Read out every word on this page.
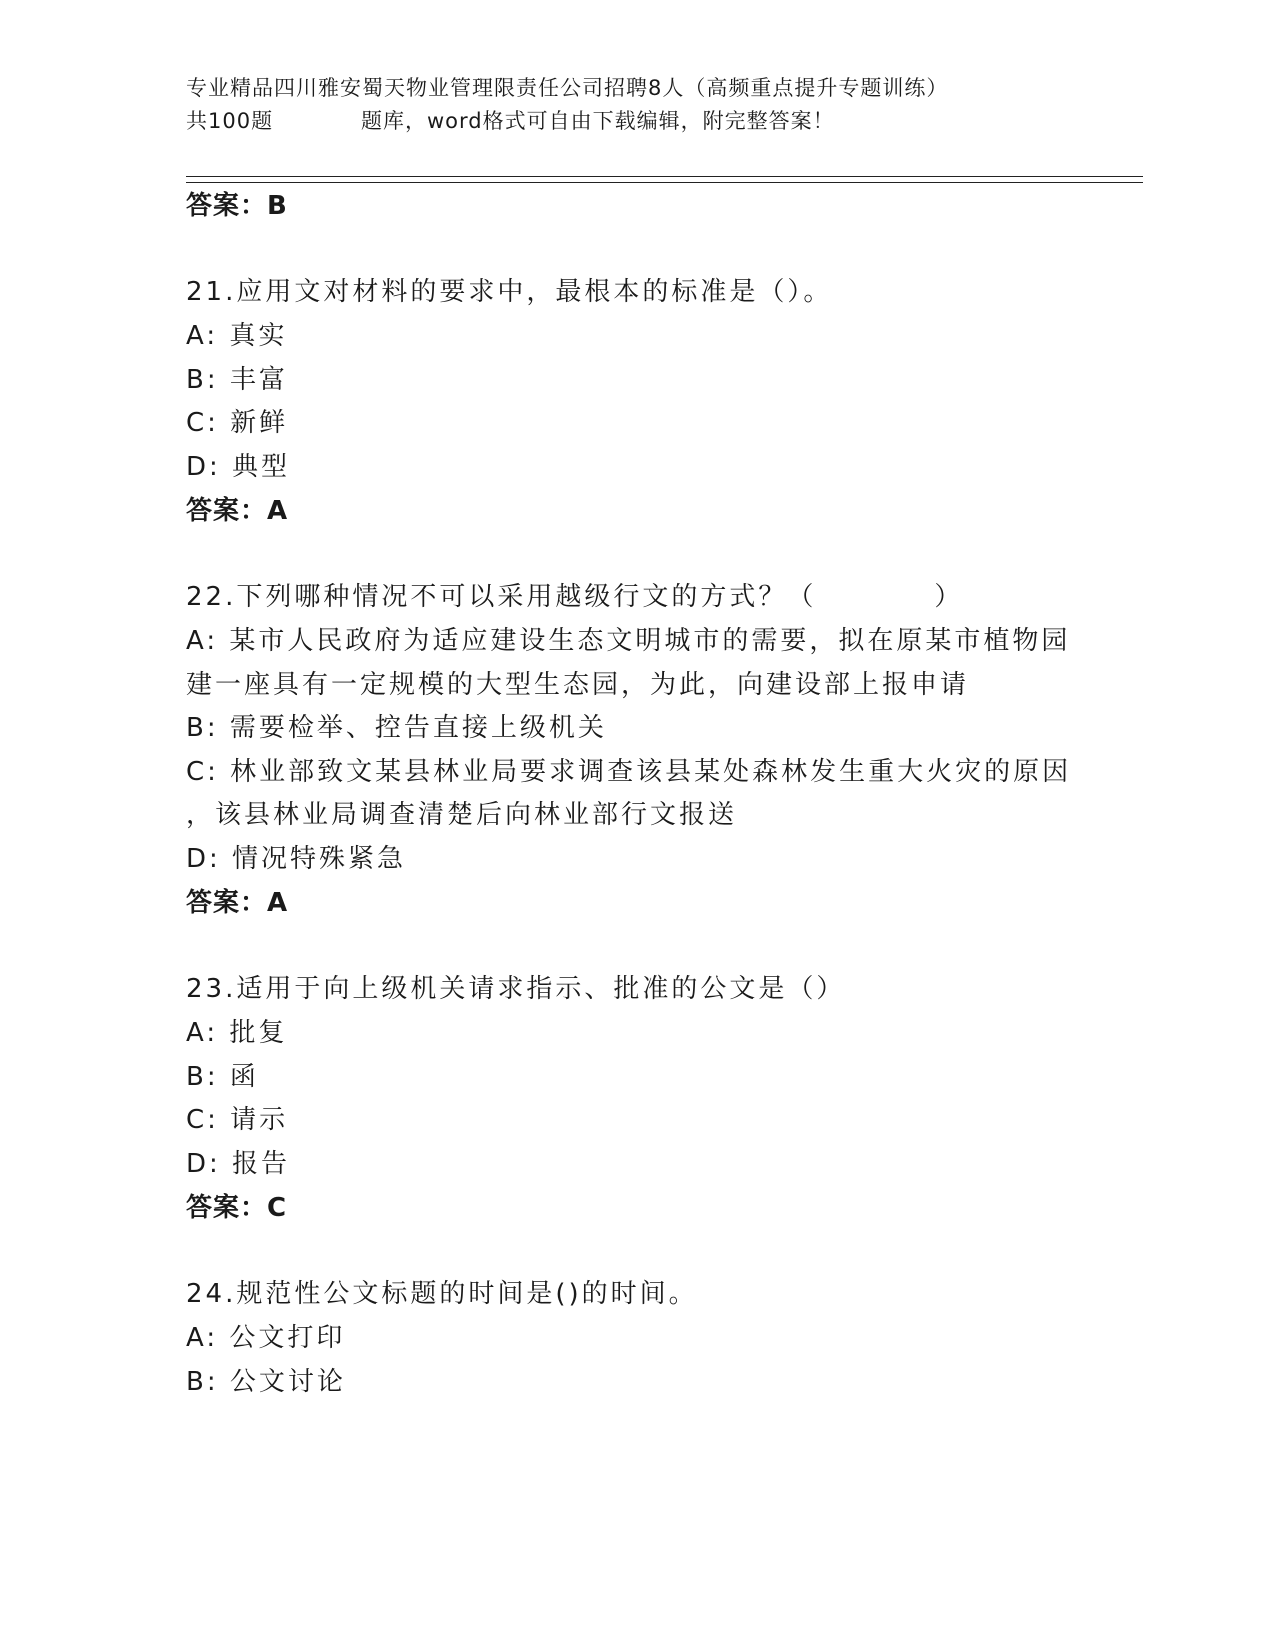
专业精品四川雅安蜀天物业管理限责任公司招聘8人（高频重点提升专题训练）
共100题	题库，word格式可自由下载编辑，附完整答案！
答案：B
21.应用文对材料的要求中，最根本的标准是（）。
A: 真实
B: 丰富
C: 新鲜
D: 典型
答案：A
22.下列哪种情况不可以采用越级行文的方式？（	）
A: 某市人民政府为适应建设生态文明城市的需要，拟在原某市植物园
建一座具有一定规模的大型生态园，为此，向建设部上报申请
B: 需要检举、控告直接上级机关
C: 林业部致文某县林业局要求调查该县某处森林发生重大火灾的原因
，该县林业局调查清楚后向林业部行文报送
D: 情况特殊紧急
答案：A
23.适用于向上级机关请求指示、批准的公文是（）
A: 批复
B: 函
C: 请示
D: 报告
答案：C
24.规范性公文标题的时间是()的时间。
A: 公文打印
B: 公文讨论
